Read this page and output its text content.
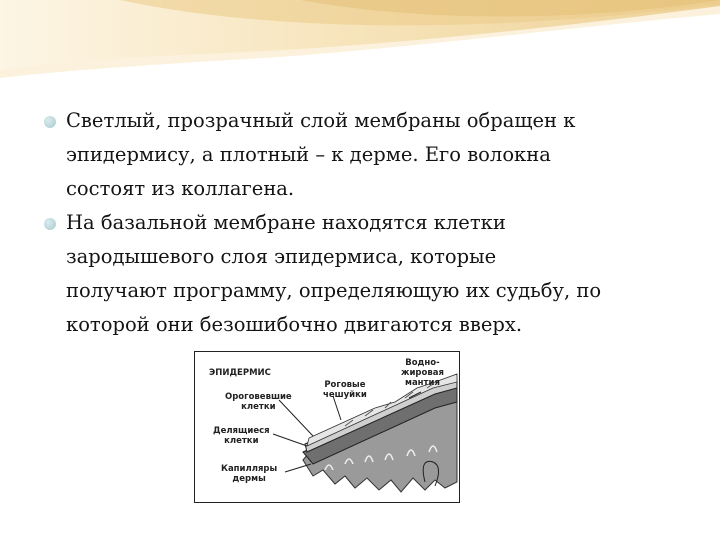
Светлый, прозрачный слой мембраны обращен к
эпидермису, а плотный – к дерме. Его волокна
состоят из коллагена.
На базальной мембране находятся клетки
зародышевого слоя эпидермиса, которые
получают программу, определяющую их судьбу, по
которой они безошибочно двигаются вверх.
ЭПИДЕРМИС
Ороговевшие
клетки
Роговые
чешуйки
Водно-
жировая
мантия
Делящиеся
клетки
Капилляры
дермы
